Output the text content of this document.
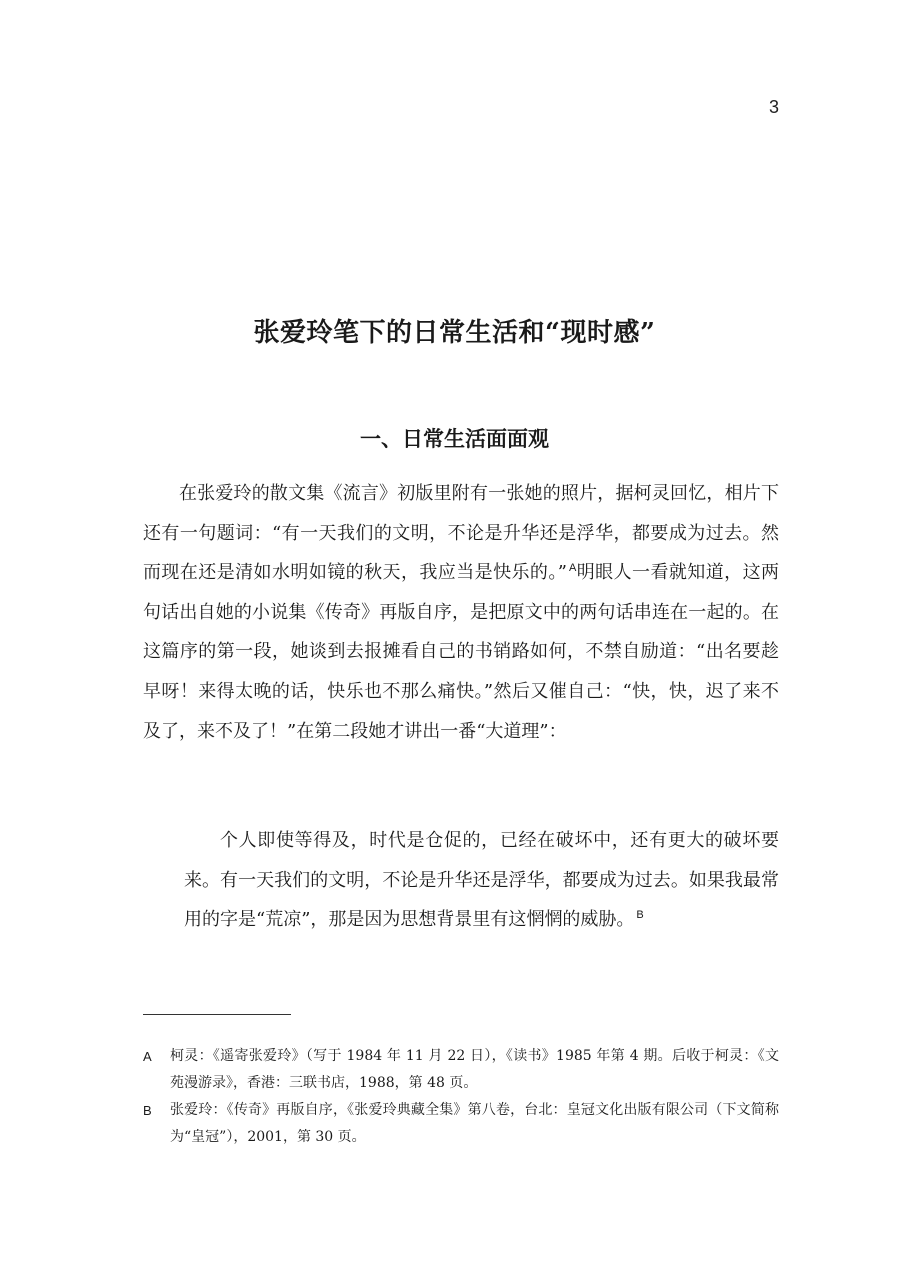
3
张爱玲笔下的日常生活和“现时感”
一、日常生活面面观

在张爱玲的散文集《流言》初版里附有一张她的照片，据柯灵回忆，相片下还有一句题词：“有一天我们的文明，不论是升华还是浮华，都要成为过去。然而现在还是清如水明如镜的秋天，我应当是快乐的。” $^A$明眼人一看就知道，这两句话出自她的小说集《传奇》再版自序，是把原文中的两句话串连在一起的。在这篇序的第一段，她谈到去报摊看自己的书销路如何，不禁自励道：“出名要趁早呀！来得太晚的话，快乐也不那么痛快。”然后又催自己：“快，快，迟了来不及了，来不及了！”在第二段她才讲出一番“大道理”：

个人即使等得及，时代是仓促的，已经在破坏中，还有更大的破坏要来。有一天我们的文明，不论是升华还是浮华，都要成为过去。如果我最常用的字是“荒凉”，那是因为思想背景里有这惘惘的威胁。 $^B$

A 柯灵：《遥寄张爱玲》（写于 1984 年 11 月 22 日），《读书》1985 年第 4 期。后收于柯灵：《文苑漫游录》，香港：三联书店，1988，第 48 页。
B 张爱玲：《传奇》再版自序，《张爱玲典藏全集》第八卷，台北：皇冠文化出版有限公司（下文简称为“皇冠”），2001，第 30 页。
